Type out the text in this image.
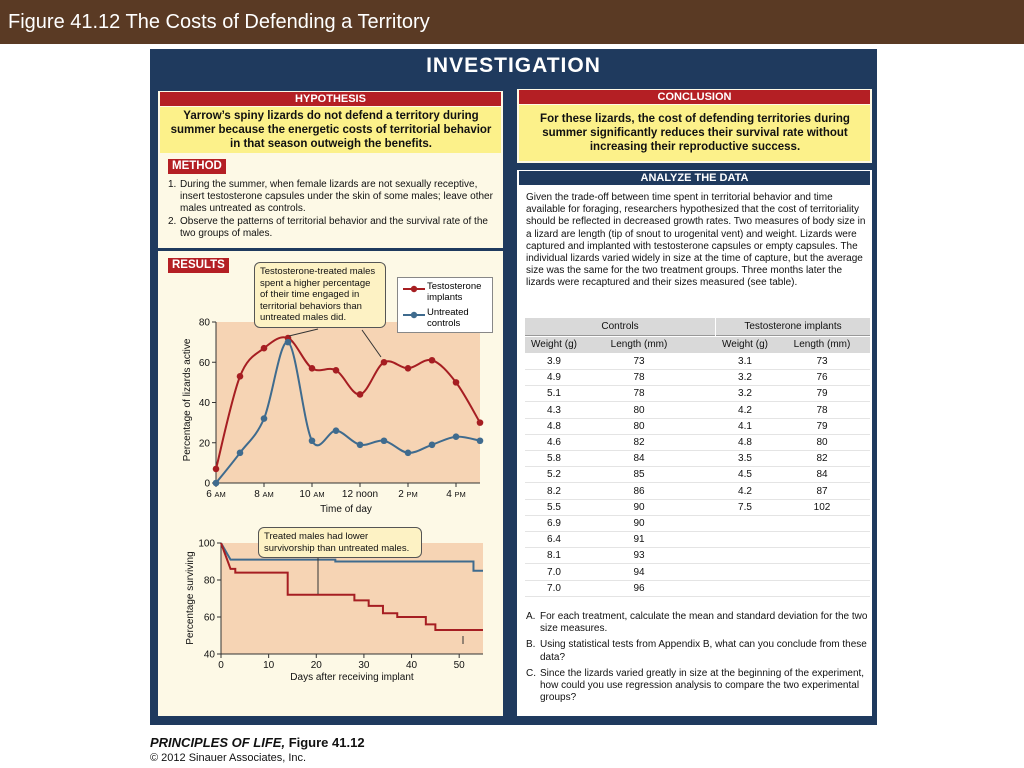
Figure 41.12 The Costs of Defending a Territory
INVESTIGATION
HYPOTHESIS
Yarrow’s spiny lizards do not defend a territory during summer because the energetic costs of territorial behavior in that season outweigh the benefits.
METHOD
1. During the summer, when female lizards are not sexually receptive, insert testosterone capsules under the skin of some males; leave other males untreated as controls.
2. Observe the patterns of territorial behavior and the survival rate of the two groups of males.
RESULTS
0
20
40
60
80
6 AM	8 AM	10 AM 12 noon 2 PM	4 PM
Time of day
Percentage of lizards active
40
60
80
100
0	10	20	30	40	50
Days after receiving implant
Percentage surviving
Testosterone-treated males spent a higher percentage of their time engaged in territorial behaviors than untreated males did.
Treated males had lower survivorship than untreated males.
Testosterone implants
Untreated controls
CONCLUSION
For these lizards, the cost of defending territories during summer significantly reduces their survival rate without increasing their reproductive success.
ANALYZE THE DATA
Given the trade-off between time spent in territorial behavior and time available for foraging, researchers hypothesized that the cost of territoriality should be reflected in decreased growth rates. Two measures of body size in a lizard are length (tip of snout to urogenital vent) and weight. Lizards were captured and implanted with testosterone capsules or empty capsules. The individual lizards varied widely in size at the time of capture, but the average size was the same for the two treatment groups. Three months later the lizards were recaptured and their sizes measured (see table).
Controls	Testosterone implants
Weight (g)	Length (mm)	Weight (g)	Length (mm)
3.9	73	3.1	73
4.9	78	3.2	76
5.1	78	3.2	79
4.3	80	4.2	78
4.8	80	4.1	79
4.6	82	4.8	80
5.8	84	3.5	82
5.2	85	4.5	84
8.2	86	4.2	87
5.5	90	7.5	102
6.9	90
6.4	91
8.1	93
7.0	94
7.0	96
A. For each treatment, calculate the mean and standard deviation for the two size measures.
B. Using statistical tests from Appendix B, what can you conclude from these data?
C. Since the lizards varied greatly in size at the beginning of the experiment, how could you use regression analysis to compare the two experimental groups?
PRINCIPLES OF LIFE, Figure 41.12
© 2012 Sinauer Associates, Inc.
